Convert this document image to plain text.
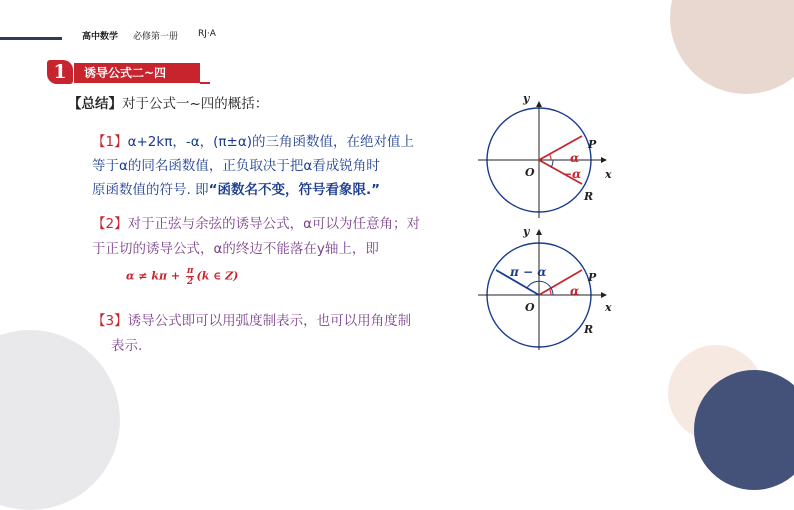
高中数学 必修第一册 RJ·A
诱导公式二~四
1
【总结】对于公式一~四的概括：
【1】α+2kπ，-α，(π±α)的三角函数值，在绝对值上
等于α的同名函数值，正负取决于把α看成锐角时
原函数值的符号. 即“函数名不变，符号看象限.”
【2】对于正弦与余弦的诱导公式，α可以为任意角；对
于正切的诱导公式，α的终边不能落在y轴上，即
$\alpha \ne k\pi + \frac{\pi}{2} (k$ ∈ Z)
【3】诱导公式即可以用弧度制表示，也可以用角度制
表示.
y
x
O
P
R
α
−α
y
x
O
P
R
π − α
α
